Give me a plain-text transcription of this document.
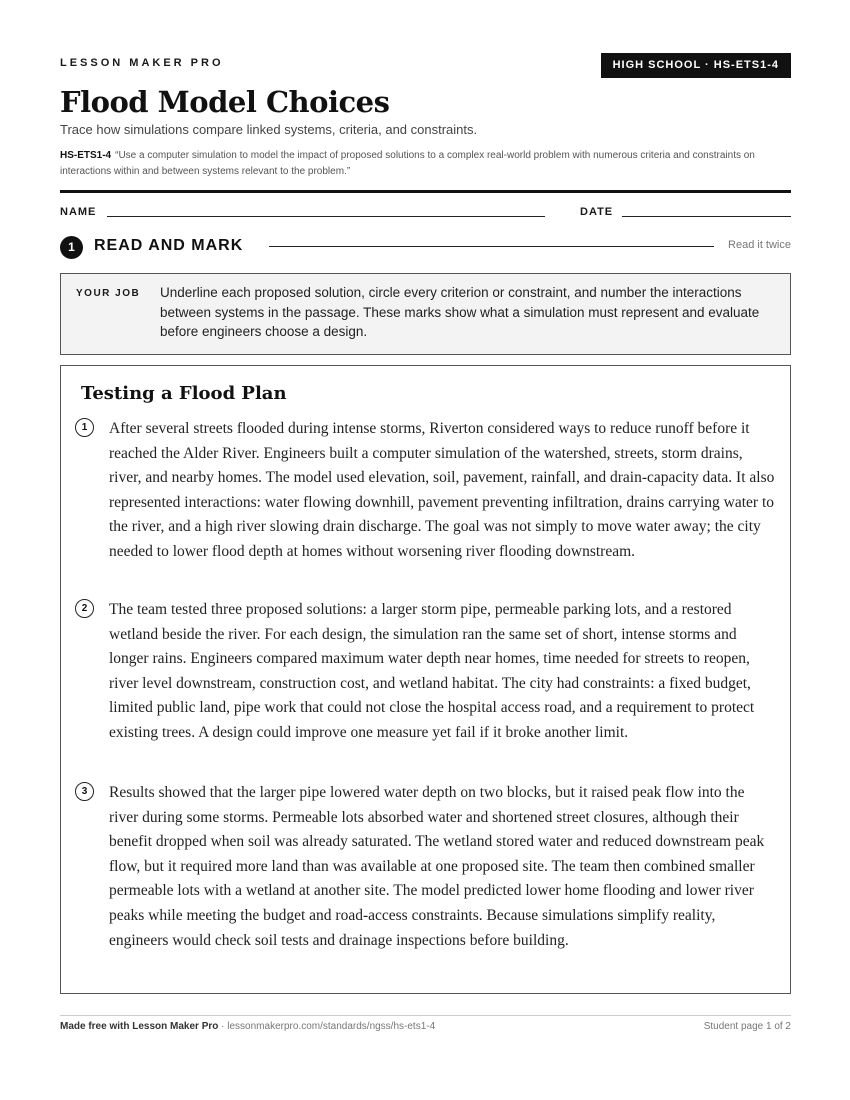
LESSON MAKER PRO	HIGH SCHOOL · HS-ETS1-4
Flood Model Choices
Trace how simulations compare linked systems, criteria, and constraints.
HS-ETS1-4 “Use a computer simulation to model the impact of proposed solutions to a complex real-world problem with numerous criteria and constraints on interactions within and between systems relevant to the problem.”
NAME	DATE
1	READ AND MARK	Read it twice
YOUR JOB Underline each proposed solution, circle every criterion or constraint, and number the interactions between systems in the passage. These marks show what a simulation must represent and evaluate before engineers choose a design.
Testing a Flood Plan
1	After several streets flooded during intense storms, Riverton considered ways to reduce runoff before it reached the Alder River. Engineers built a computer simulation of the watershed, streets, storm drains, river, and nearby homes. The model used elevation, soil, pavement, rainfall, and drain-capacity data. It also represented interactions: water flowing downhill, pavement preventing infiltration, drains carrying water to the river, and a high river slowing drain discharge. The goal was not simply to move water away; the city needed to lower flood depth at homes without worsening river flooding downstream.

2	The team tested three proposed solutions: a larger storm pipe, permeable parking lots, and a restored wetland beside the river. For each design, the simulation ran the same set of short, intense storms and longer rains. Engineers compared maximum water depth near homes, time needed for streets to reopen, river level downstream, construction cost, and wetland habitat. The city had constraints: a fixed budget, limited public land, pipe work that could not close the hospital access road, and a requirement to protect existing trees. A design could improve one measure yet fail if it broke another limit.

3	Results showed that the larger pipe lowered water depth on two blocks, but it raised peak flow into the river during some storms. Permeable lots absorbed water and shortened street closures, although their benefit dropped when soil was already saturated. The wetland stored water and reduced downstream peak flow, but it required more land than was available at one proposed site. The team then combined smaller permeable lots with a wetland at another site. The model predicted lower home flooding and lower river peaks while meeting the budget and road-access constraints. Because simulations simplify reality, engineers would check soil tests and drainage inspections before building.

Made free with Lesson Maker Pro · lessonmakerpro.com/standards/ngss/hs-ets1-4	Student page 1 of 2
